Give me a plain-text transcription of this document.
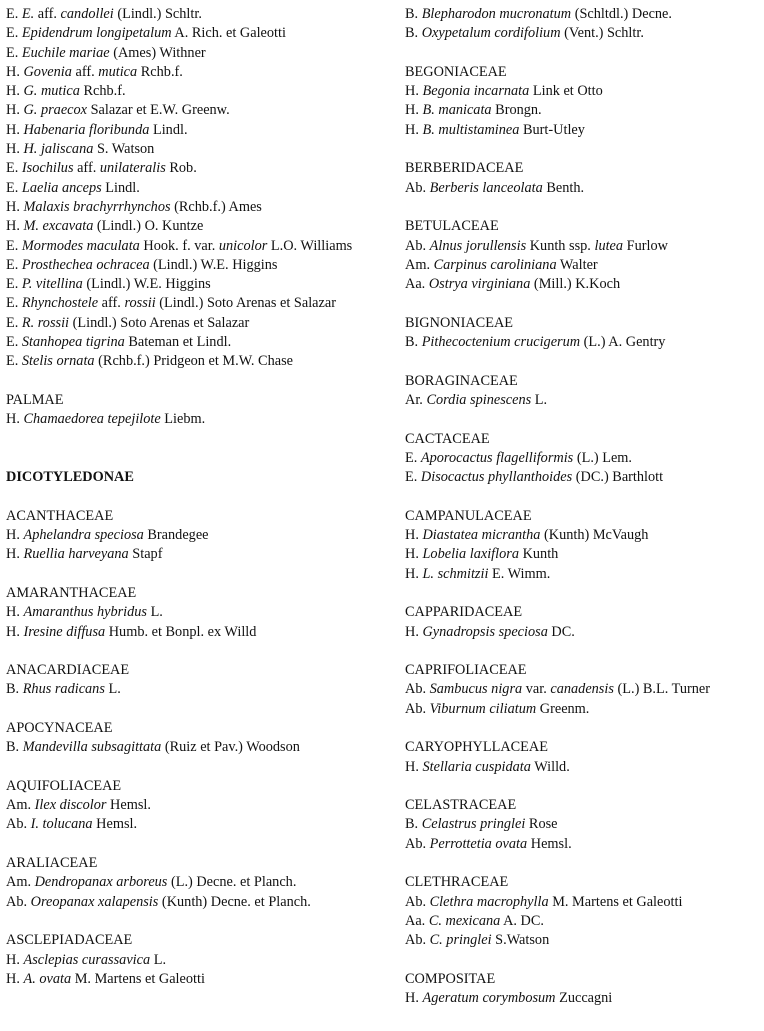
E. E. aff. candollei (Lindl.) Schltr.
E. Epidendrum longipetalum A. Rich. et Galeotti
E. Euchile mariae (Ames) Withner
H. Govenia aff. mutica Rchb.f.
H. G. mutica Rchb.f.
H. G. praecox Salazar et E.W. Greenw.
H. Habenaria floribunda Lindl.
H. H. jaliscana S. Watson
E. Isochilus aff. unilateralis Rob.
E. Laelia anceps Lindl.
H. Malaxis brachyrrhynchos (Rchb.f.) Ames
H. M. excavata (Lindl.) O. Kuntze
E. Mormodes maculata Hook. f. var. unicolor L.O. Williams
E. Prosthechea ochracea (Lindl.) W.E. Higgins
E. P. vitellina (Lindl.) W.E. Higgins
E. Rhynchostele aff. rossii (Lindl.) Soto Arenas et Salazar
E. R. rossii (Lindl.) Soto Arenas et Salazar
E. Stanhopea tigrina Bateman et Lindl.
E. Stelis ornata (Rchb.f.) Pridgeon et M.W. Chase
PALMAE
H. Chamaedorea tepejilote Liebm.
DICOTYLEDONAE
ACANTHACEAE
H. Aphelandra speciosa Brandegee
H. Ruellia harveyana Stapf
AMARANTHACEAE
H. Amaranthus hybridus L.
H. Iresine diffusa Humb. et Bonpl. ex Willd
ANACARDIACEAE
B. Rhus radicans L.
APOCYNACEAE
B. Mandevilla subsagittata (Ruiz et Pav.) Woodson
AQUIFOLIACEAE
Am. Ilex discolor Hemsl.
Ab. I. tolucana Hemsl.
ARALIACEAE
Am. Dendropanax arboreus (L.) Decne. et Planch.
Ab. Oreopanax xalapensis (Kunth) Decne. et Planch.
ASCLEPIADACEAE
H. Asclepias curassavica L.
H. A. ovata M. Martens et Galeotti
B. Blepharodon mucronatum (Schltdl.) Decne.
B. Oxypetalum cordifolium (Vent.) Schltr.
BEGONIACEAE
H. Begonia incarnata Link et Otto
H. B. manicata Brongn.
H. B. multistaminea Burt-Utley
BERBERIDACEAE
Ab. Berberis lanceolata Benth.
BETULACEAE
Ab. Alnus jorullensis Kunth ssp. lutea Furlow
Am. Carpinus caroliniana Walter
Aa. Ostrya virginiana (Mill.) K.Koch
BIGNONIACEAE
B. Pithecoctenium crucigerum (L.) A. Gentry
BORAGINACEAE
Ar. Cordia spinescens L.
CACTACEAE
E. Aporocactus flagelliformis (L.) Lem.
E. Disocactus phyllanthoides (DC.) Barthlott
CAMPANULACEAE
H. Diastatea micrantha (Kunth) McVaugh
H. Lobelia laxiflora Kunth
H. L. schmitzii E. Wimm.
CAPPARIDACEAE
H. Gynadropsis speciosa DC.
CAPRIFOLIACEAE
Ab. Sambucus nigra var. canadensis (L.) B.L. Turner
Ab. Viburnum ciliatum Greenm.
CARYOPHYLLACEAE
H. Stellaria cuspidata Willd.
CELASTRACEAE
B. Celastrus pringlei Rose
Ab. Perrottetia ovata Hemsl.
CLETHRACEAE
Ab. Clethra macrophylla M. Martens et Galeotti
Aa. C. mexicana A. DC.
Ab. C. pringlei S.Watson
COMPOSITAE
H. Ageratum corymbosum Zuccagni
